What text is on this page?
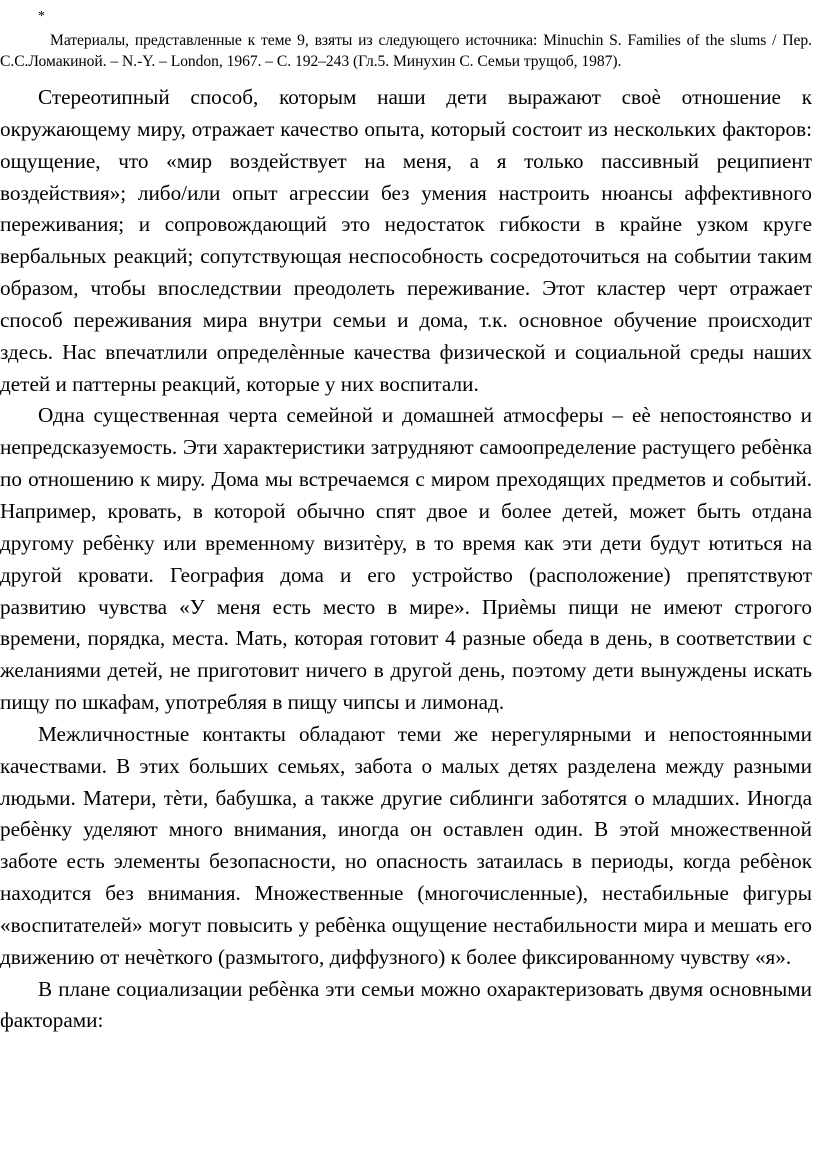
*
Материалы, представленные к теме 9, взяты из следующего источника: Minuchin S. Families of the slums / Пер. С.С.Ломакиной. – N.-Y. – London, 1967. – С. 192–243 (Гл.5. Минухин С. Семьи трущоб, 1987).

Стереотипный способ, которым наши дети выражают своѐ отношение к окружающему миру, отражает качество опыта, который состоит из нескольких факторов: ощущение, что «мир воздействует на меня, а я только пассивный реципиент воздействия»; либо/или опыт агрессии без умения настроить нюансы аффективного переживания; и сопровождающий это недостаток гибкости в крайне узком круге вербальных реакций; сопутствующая неспособность сосредоточиться на событии таким образом, чтобы впоследствии преодолеть переживание. Этот кластер черт отражает способ переживания мира внутри семьи и дома, т.к. основное обучение происходит здесь. Нас впечатлили определѐнные качества физической и социальной среды наших детей и паттерны реакций, которые у них воспитали.

Одна существенная черта семейной и домашней атмосферы – еѐ непостоянство и непредсказуемость. Эти характеристики затрудняют самоопределение растущего ребѐнка по отношению к миру. Дома мы встречаемся с миром преходящих предметов и событий. Например, кровать, в которой обычно спят двое и более детей, может быть отдана другому ребѐнку или временному визитѐру, в то время как эти дети будут ютиться на другой кровати. География дома и его устройство (расположение) препятствуют развитию чувства «У меня есть место в мире». Приѐмы пищи не имеют строгого времени, порядка, места. Мать, которая готовит 4 разные обеда в день, в соответствии с желаниями детей, не приготовит ничего в другой день, поэтому дети вынуждены искать пищу по шкафам, употребляя в пищу чипсы и лимонад.

Межличностные контакты обладают теми же нерегулярными и непостоянными качествами. В этих больших семьях, забота о малых детях разделена между разными людьми. Матери, тѐти, бабушка, а также другие сиблинги заботятся о младших. Иногда ребѐнку уделяют много внимания, иногда он оставлен один. В этой множественной заботе есть элементы безопасности, но опасность затаилась в периоды, когда ребѐнок находится без внимания. Множественные (многочисленные), нестабильные фигуры «воспитателей» могут повысить у ребѐнка ощущение нестабильности мира и мешать его движению от нечѐткого (размытого, диффузного) к более фиксированному чувству «я».

В плане социализации ребѐнка эти семьи можно охарактеризовать двумя основными факторами:
